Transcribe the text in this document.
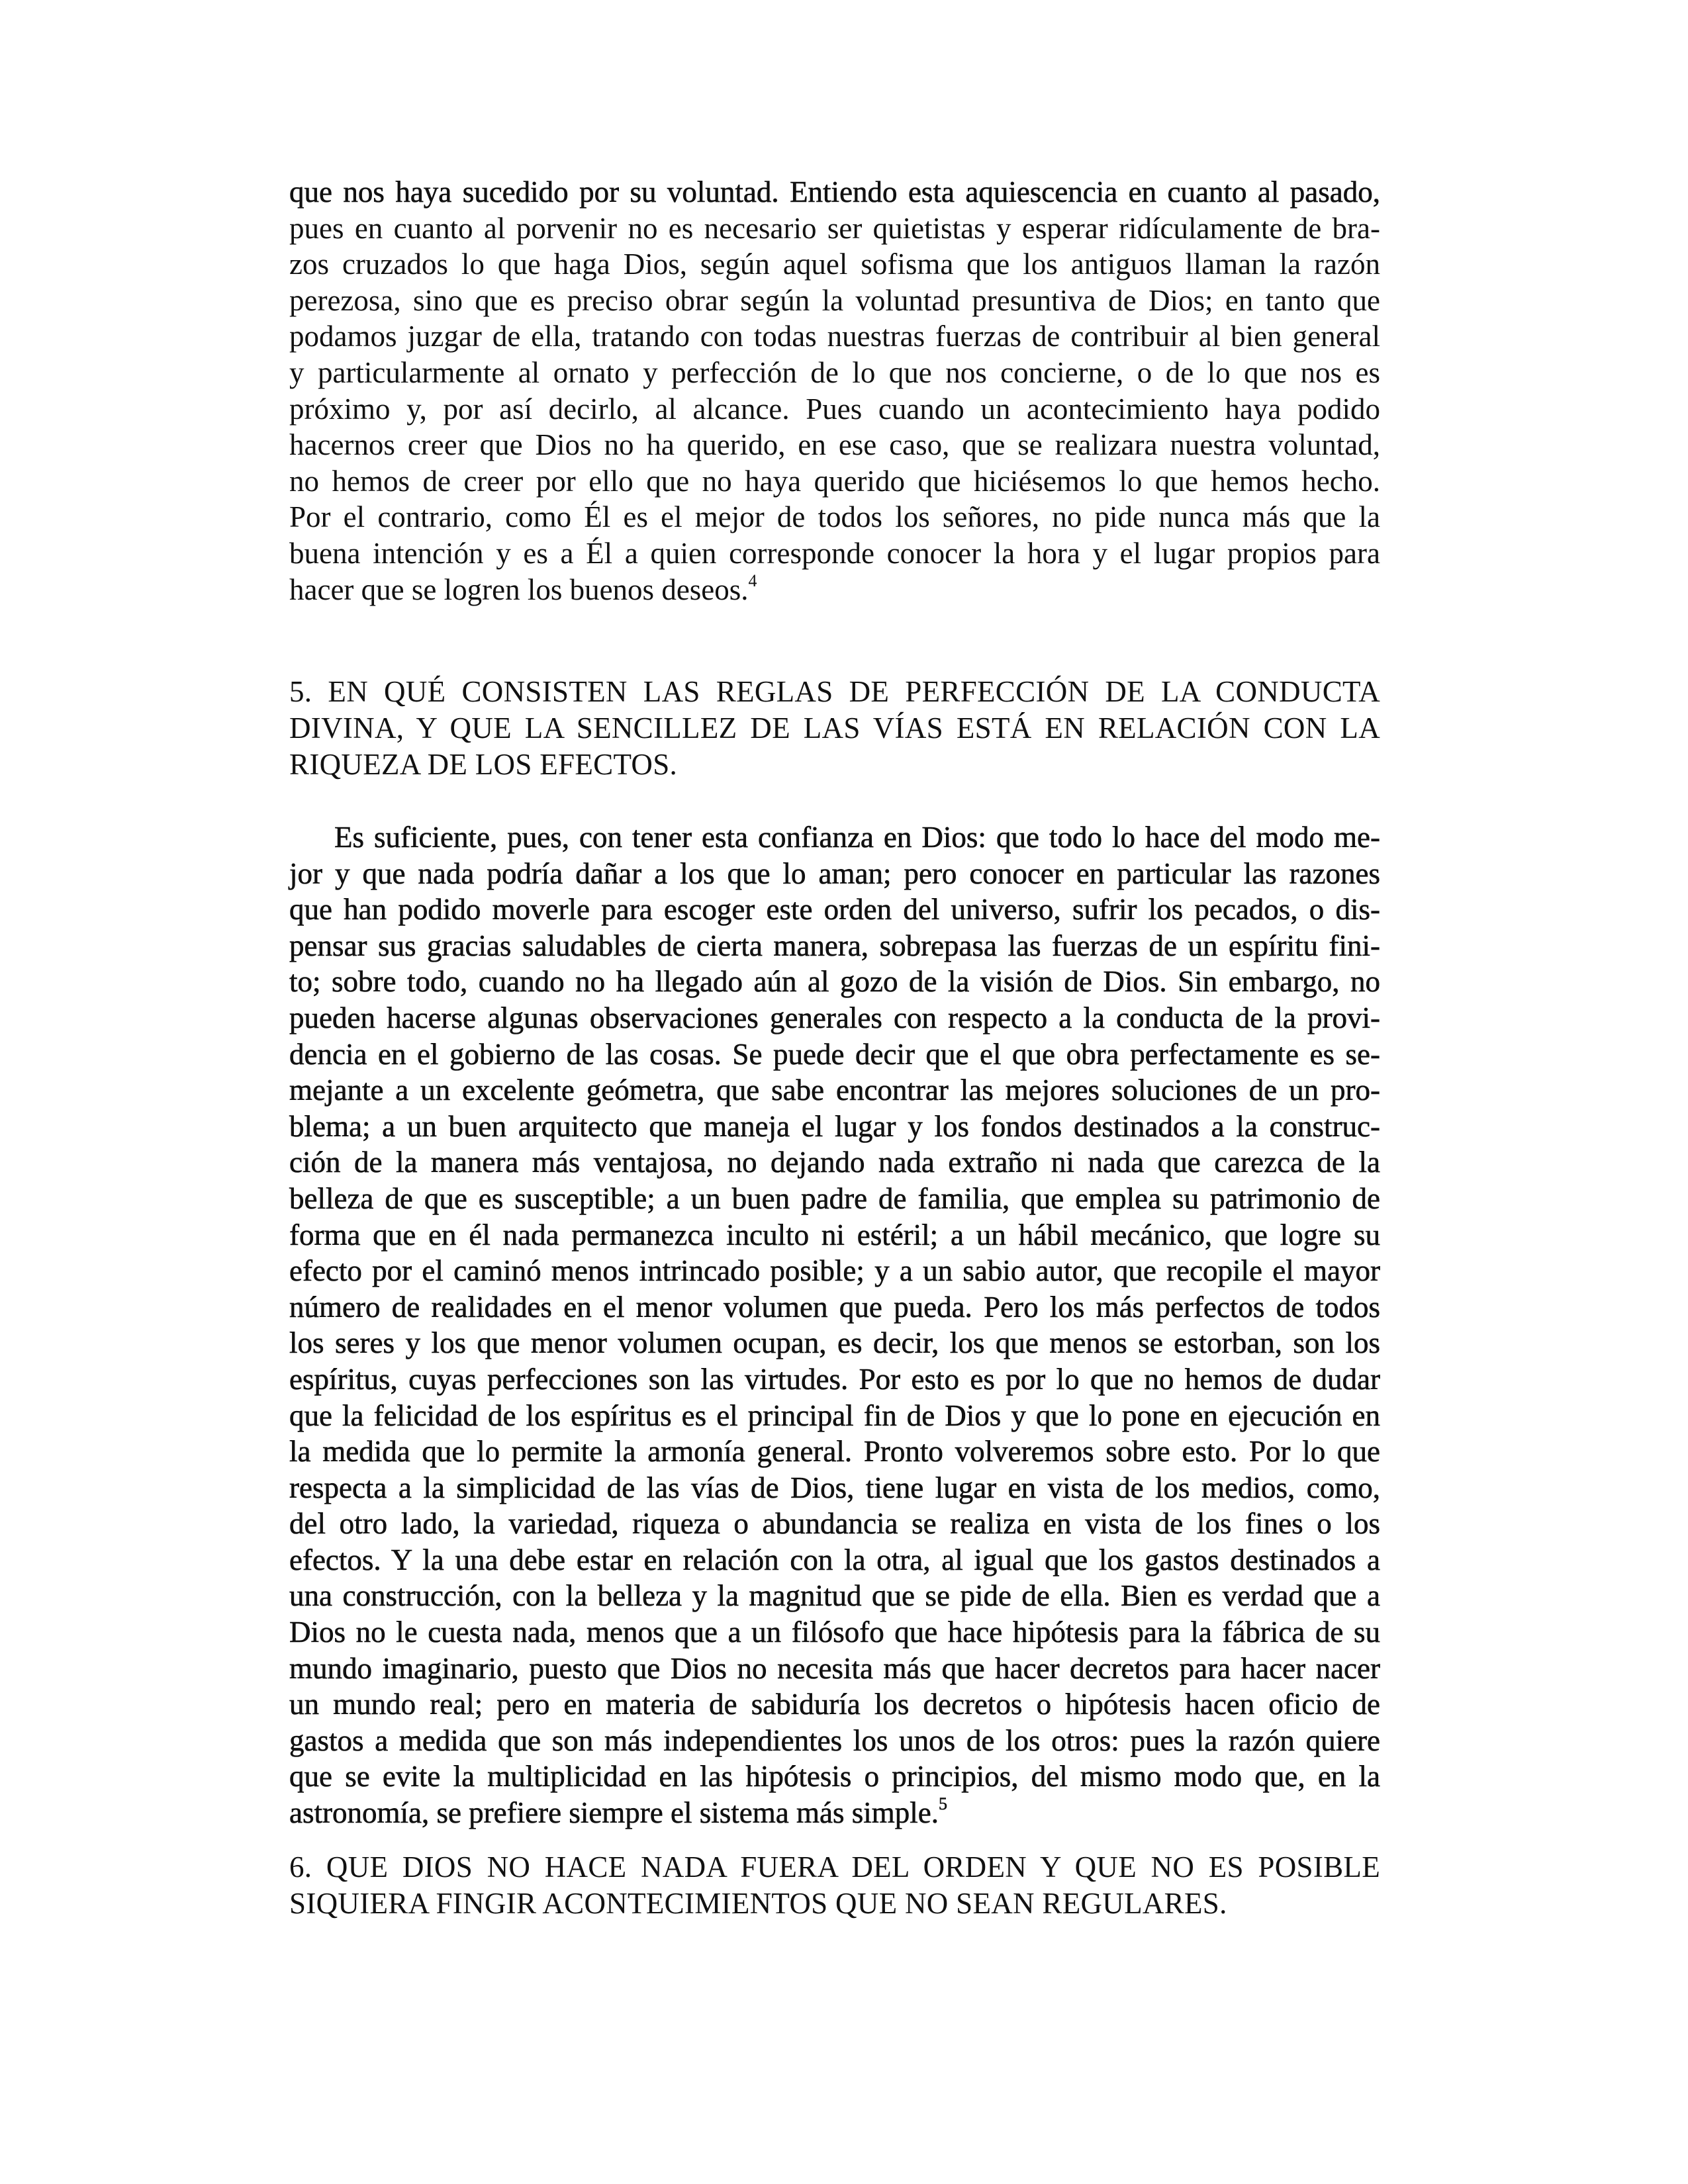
que nos haya sucedido por su voluntad. Entiendo esta aquiescencia en cuanto al pasado,
pues en cuanto al porvenir no es necesario ser quietistas y esperar ridículamente de bra-
zos cruzados lo que haga Dios, según aquel sofisma que los antiguos llaman la razón
perezosa, sino que es preciso obrar según la voluntad presuntiva de Dios; en tanto que
podamos juzgar de ella, tratando con todas nuestras fuerzas de contribuir al bien general
y particularmente al ornato y perfección de lo que nos concierne, o de lo que nos es
próximo y, por así decirlo, al alcance. Pues cuando un acontecimiento haya podido
hacernos creer que Dios no ha querido, en ese caso, que se realizara nuestra voluntad,
no hemos de creer por ello que no haya querido que hiciésemos lo que hemos hecho.
Por el contrario, como Él es el mejor de todos los señores, no pide nunca más que la
buena intención y es a Él a quien corresponde conocer la hora y el lugar propios para
hacer que se logren los buenos deseos.$^4$
5. EN QUÉ CONSISTEN LAS REGLAS DE PERFECCIÓN DE LA CONDUCTA
DIVINA, Y QUE LA SENCILLEZ DE LAS VÍAS ESTÁ EN RELACIÓN CON LA
RIQUEZA DE LOS EFECTOS.
Es suficiente, pues, con tener esta confianza en Dios: que todo lo hace del modo me-
jor y que nada podría dañar a los que lo aman; pero conocer en particular las razones
que han podido moverle para escoger este orden del universo, sufrir los pecados, o dis-
pensar sus gracias saludables de cierta manera, sobrepasa las fuerzas de un espíritu fini-
to; sobre todo, cuando no ha llegado aún al gozo de la visión de Dios. Sin embargo, no
pueden hacerse algunas observaciones generales con respecto a la conducta de la provi-
dencia en el gobierno de las cosas. Se puede decir que el que obra perfectamente es se-
mejante a un excelente geómetra, que sabe encontrar las mejores soluciones de un pro-
blema; a un buen arquitecto que maneja el lugar y los fondos destinados a la construc-
ción de la manera más ventajosa, no dejando nada extraño ni nada que carezca de la
belleza de que es susceptible; a un buen padre de familia, que emplea su patrimonio de
forma que en él nada permanezca inculto ni estéril; a un hábil mecánico, que logre su
efecto por el caminó menos intrincado posible; y a un sabio autor, que recopile el mayor
número de realidades en el menor volumen que pueda. Pero los más perfectos de todos
los seres y los que menor volumen ocupan, es decir, los que menos se estorban, son los
espíritus, cuyas perfecciones son las virtudes. Por esto es por lo que no hemos de dudar
que la felicidad de los espíritus es el principal fin de Dios y que lo pone en ejecución en
la medida que lo permite la armonía general. Pronto volveremos sobre esto. Por lo que
respecta a la simplicidad de las vías de Dios, tiene lugar en vista de los medios, como,
del otro lado, la variedad, riqueza o abundancia se realiza en vista de los fines o los
efectos. Y la una debe estar en relación con la otra, al igual que los gastos destinados a
una construcción, con la belleza y la magnitud que se pide de ella. Bien es verdad que a
Dios no le cuesta nada, menos que a un filósofo que hace hipótesis para la fábrica de su
mundo imaginario, puesto que Dios no necesita más que hacer decretos para hacer nacer
un mundo real; pero en materia de sabiduría los decretos o hipótesis hacen oficio de
gastos a medida que son más independientes los unos de los otros: pues la razón quiere
que se evite la multiplicidad en las hipótesis o principios, del mismo modo que, en la
astronomía, se prefiere siempre el sistema más simple.$^5$
6. QUE DIOS NO HACE NADA FUERA DEL ORDEN Y QUE NO ES POSIBLE
SIQUIERA FINGIR ACONTECIMIENTOS QUE NO SEAN REGULARES.
